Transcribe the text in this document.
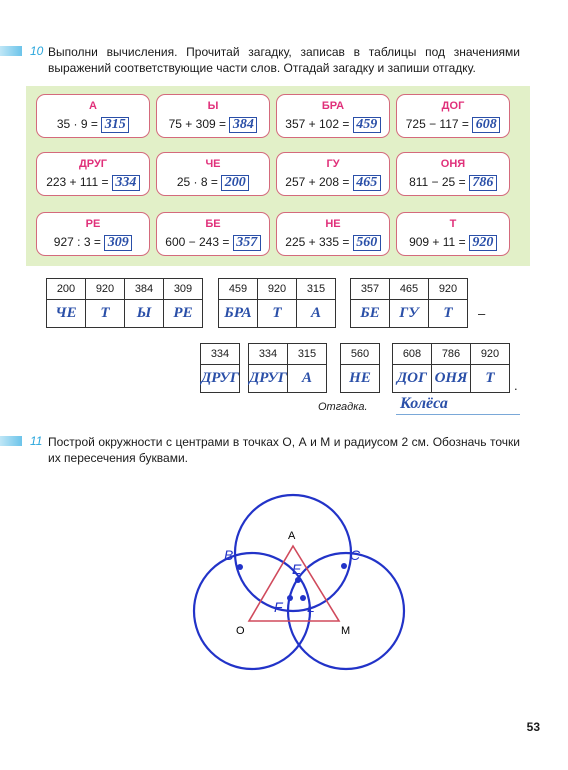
10 Выполни вычисления. Прочитай загадку, записав в таблицы под значениями выражений соответствующие части слов. Отгадай загадку и запиши отгадку.
А
35 · 9 = 315
Ы
75 + 309 = 384
БРА
357 + 102 = 459
ДОГ
725 − 117 = 608
ДРУГ
223 + 111 = 334
ЧЕ
25 · 8 = 200
ГУ
257 + 208 = 465
ОНЯ
811 − 25 = 786
РЕ
927 : 3 = 309
БЕ
600 − 243 = 357
НЕ
225 + 335 = 560
Т
909 + 11 = 920
200	920	384	309
ЧЕ	Т	Ы	РЕ
459	920	315
БРА	Т	А
357	465	920
БЕ	ГУ	Т –
334
ДРУГ
334	315
ДРУГ	А
560
НЕ
608	786	920
ДОГ	ОНЯ	Т .
Отгадка. Колёса
11 Построй окружности с центрами в точках О, А и М и радиусом 2 см. Обозначь точки их пересечения буквами.
А
О	М
B	C
E
F L
53
